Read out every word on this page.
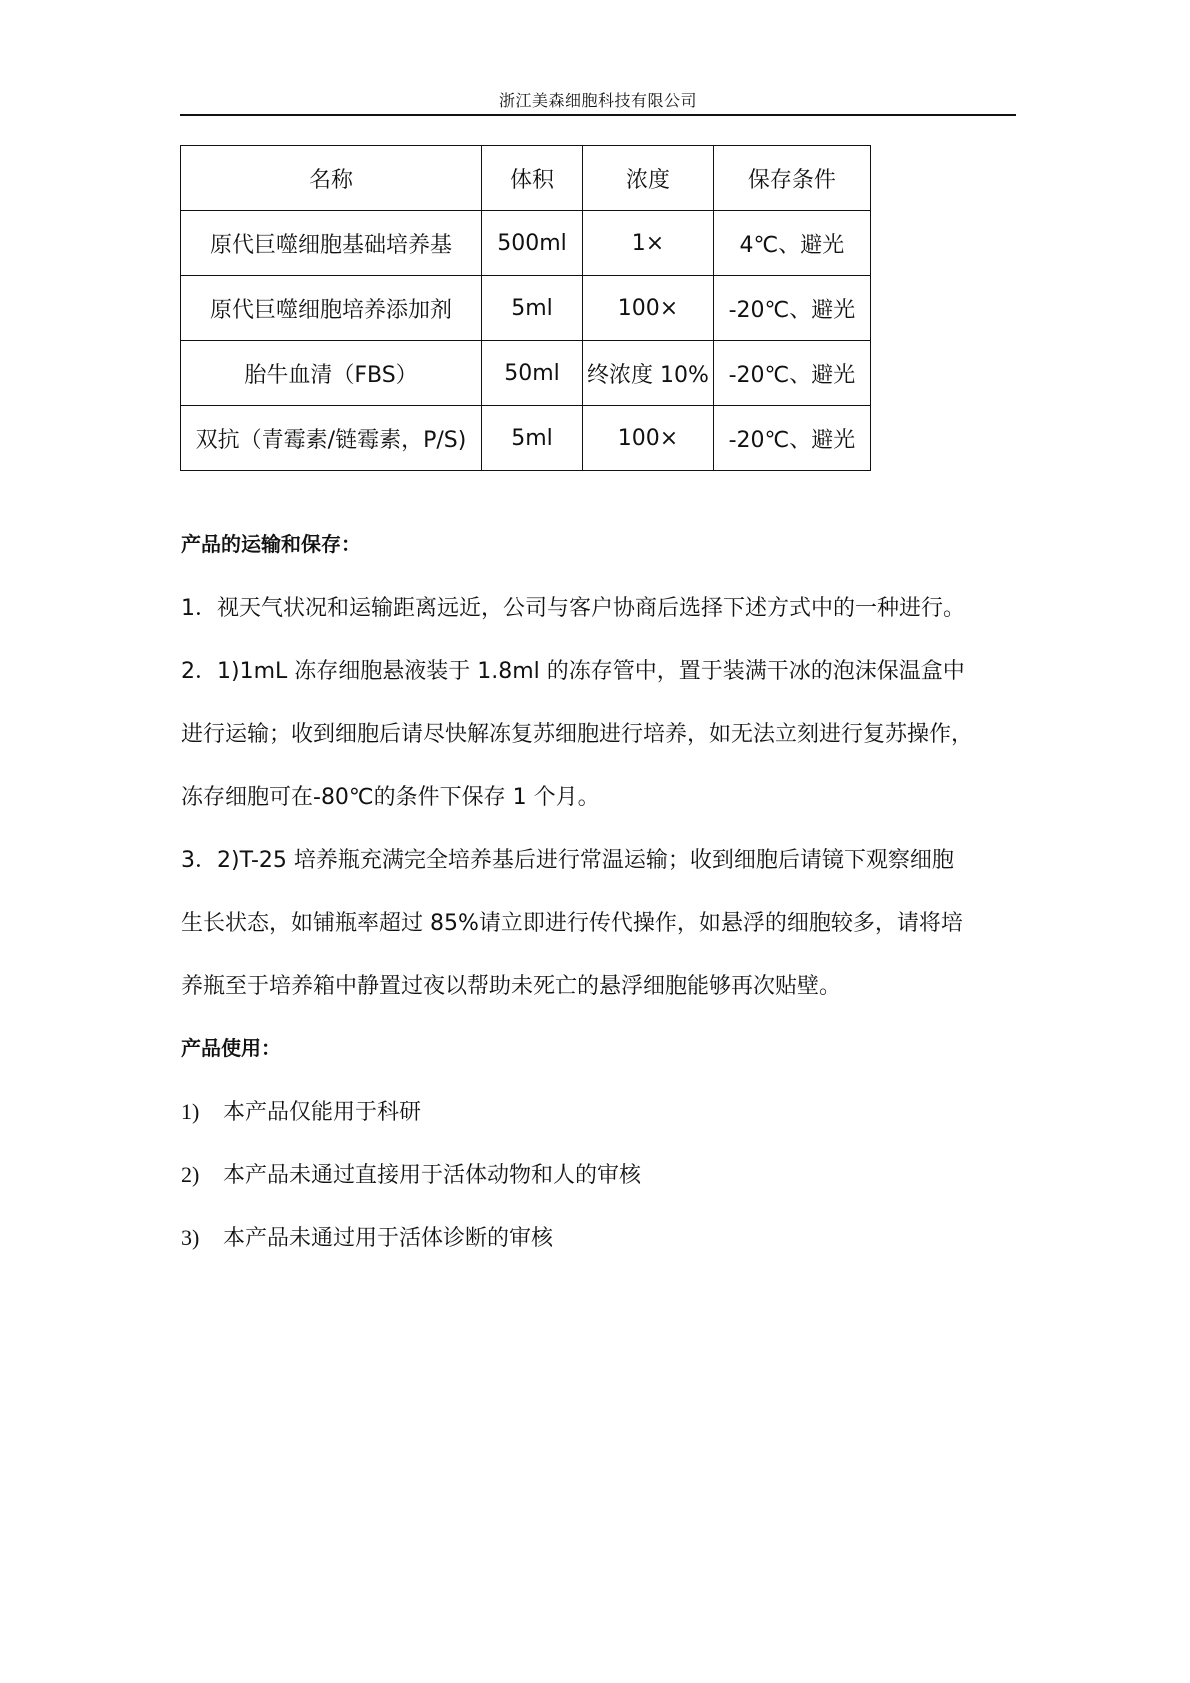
浙江美森细胞科技有限公司
名称	体积	浓度	保存条件
原代巨噬细胞基础培养基	500ml	1×	4℃、避光
原代巨噬细胞培养添加剂	5ml	100×	-20℃、避光
胎牛血清（FBS）	50ml	终浓度 10%	-20℃、避光
双抗（青霉素/链霉素，P/S)	5ml	100×	-20℃、避光
产品的运输和保存：
1．视天气状况和运输距离远近，公司与客户协商后选择下述方式中的一种进行。
2．1)1mL 冻存细胞悬液装于 1.8ml 的冻存管中，置于装满干冰的泡沫保温盒中
进行运输；收到细胞后请尽快解冻复苏细胞进行培养，如无法立刻进行复苏操作，
冻存细胞可在-80℃的条件下保存 1 个月。
3．2)T-25 培养瓶充满完全培养基后进行常温运输；收到细胞后请镜下观察细胞
生长状态，如铺瓶率超过 85%请立即进行传代操作，如悬浮的细胞较多，请将培
养瓶至于培养箱中静置过夜以帮助未死亡的悬浮细胞能够再次贴壁。
产品使用：
1) 本产品仅能用于科研
2) 本产品未通过直接用于活体动物和人的审核
3) 本产品未通过用于活体诊断的审核
